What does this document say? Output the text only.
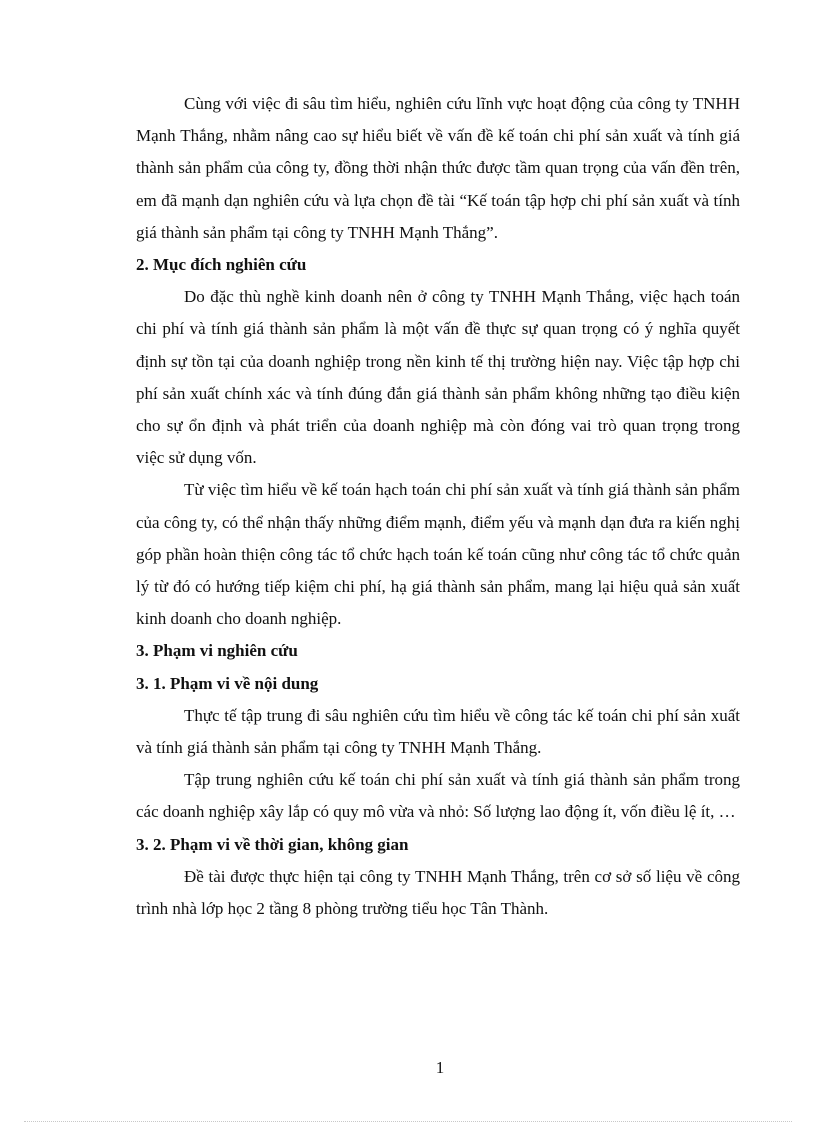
Cùng với việc đi sâu tìm hiểu, nghiên cứu lĩnh vực hoạt động của công ty TNHH Mạnh Thắng, nhằm nâng cao sự hiểu biết về vấn đề kế toán chi phí sản xuất và tính giá thành sản phẩm của công ty, đồng thời nhận thức được tầm quan trọng của vấn đền trên, em đã mạnh dạn nghiên cứu và lựa chọn đề tài “Kế toán tập hợp chi phí sản xuất và tính giá thành sản phẩm tại công ty TNHH Mạnh Thắng”.

2. Mục đích nghiên cứu

Do đặc thù nghề kinh doanh nên ở công ty TNHH Mạnh Thắng, việc hạch toán chi phí và tính giá thành sản phẩm là một vấn đề thực sự quan trọng có ý nghĩa quyết định sự tồn tại của doanh nghiệp trong nền kinh tế thị trường hiện nay. Việc tập hợp chi phí sản xuất chính xác và tính đúng đắn giá thành sản phẩm không những tạo điều kiện cho sự ổn định và phát triển của doanh nghiệp mà còn đóng vai trò quan trọng trong việc sử dụng vốn.

Từ việc tìm hiểu về kế toán hạch toán chi phí sản xuất và tính giá thành sản phẩm của công ty, có thể nhận thấy những điểm mạnh, điểm yếu và mạnh dạn đưa ra kiến nghị góp phần hoàn thiện công tác tổ chức hạch toán kế toán cũng như công tác tổ chức quản lý từ đó có hướng tiếp kiệm chi phí, hạ giá thành sản phẩm, mang lại hiệu quả sản xuất kinh doanh cho doanh nghiệp.

3. Phạm vi nghiên cứu

3. 1. Phạm vi về nội dung

Thực tế tập trung đi sâu nghiên cứu tìm hiểu về công tác kế toán chi phí sản xuất và tính giá thành sản phẩm tại công ty TNHH Mạnh Thắng.

Tập trung nghiên cứu kế toán chi phí sản xuất và tính giá thành sản phẩm trong các doanh nghiệp xây lắp có quy mô vừa và nhỏ: Số lượng lao động ít, vốn điều lệ ít, …

3. 2. Phạm vi về thời gian, không gian

Đề tài được thực hiện tại công ty TNHH Mạnh Thắng, trên cơ sở số liệu về công trình nhà lớp học 2 tầng 8 phòng trường tiểu học Tân Thành.

1
